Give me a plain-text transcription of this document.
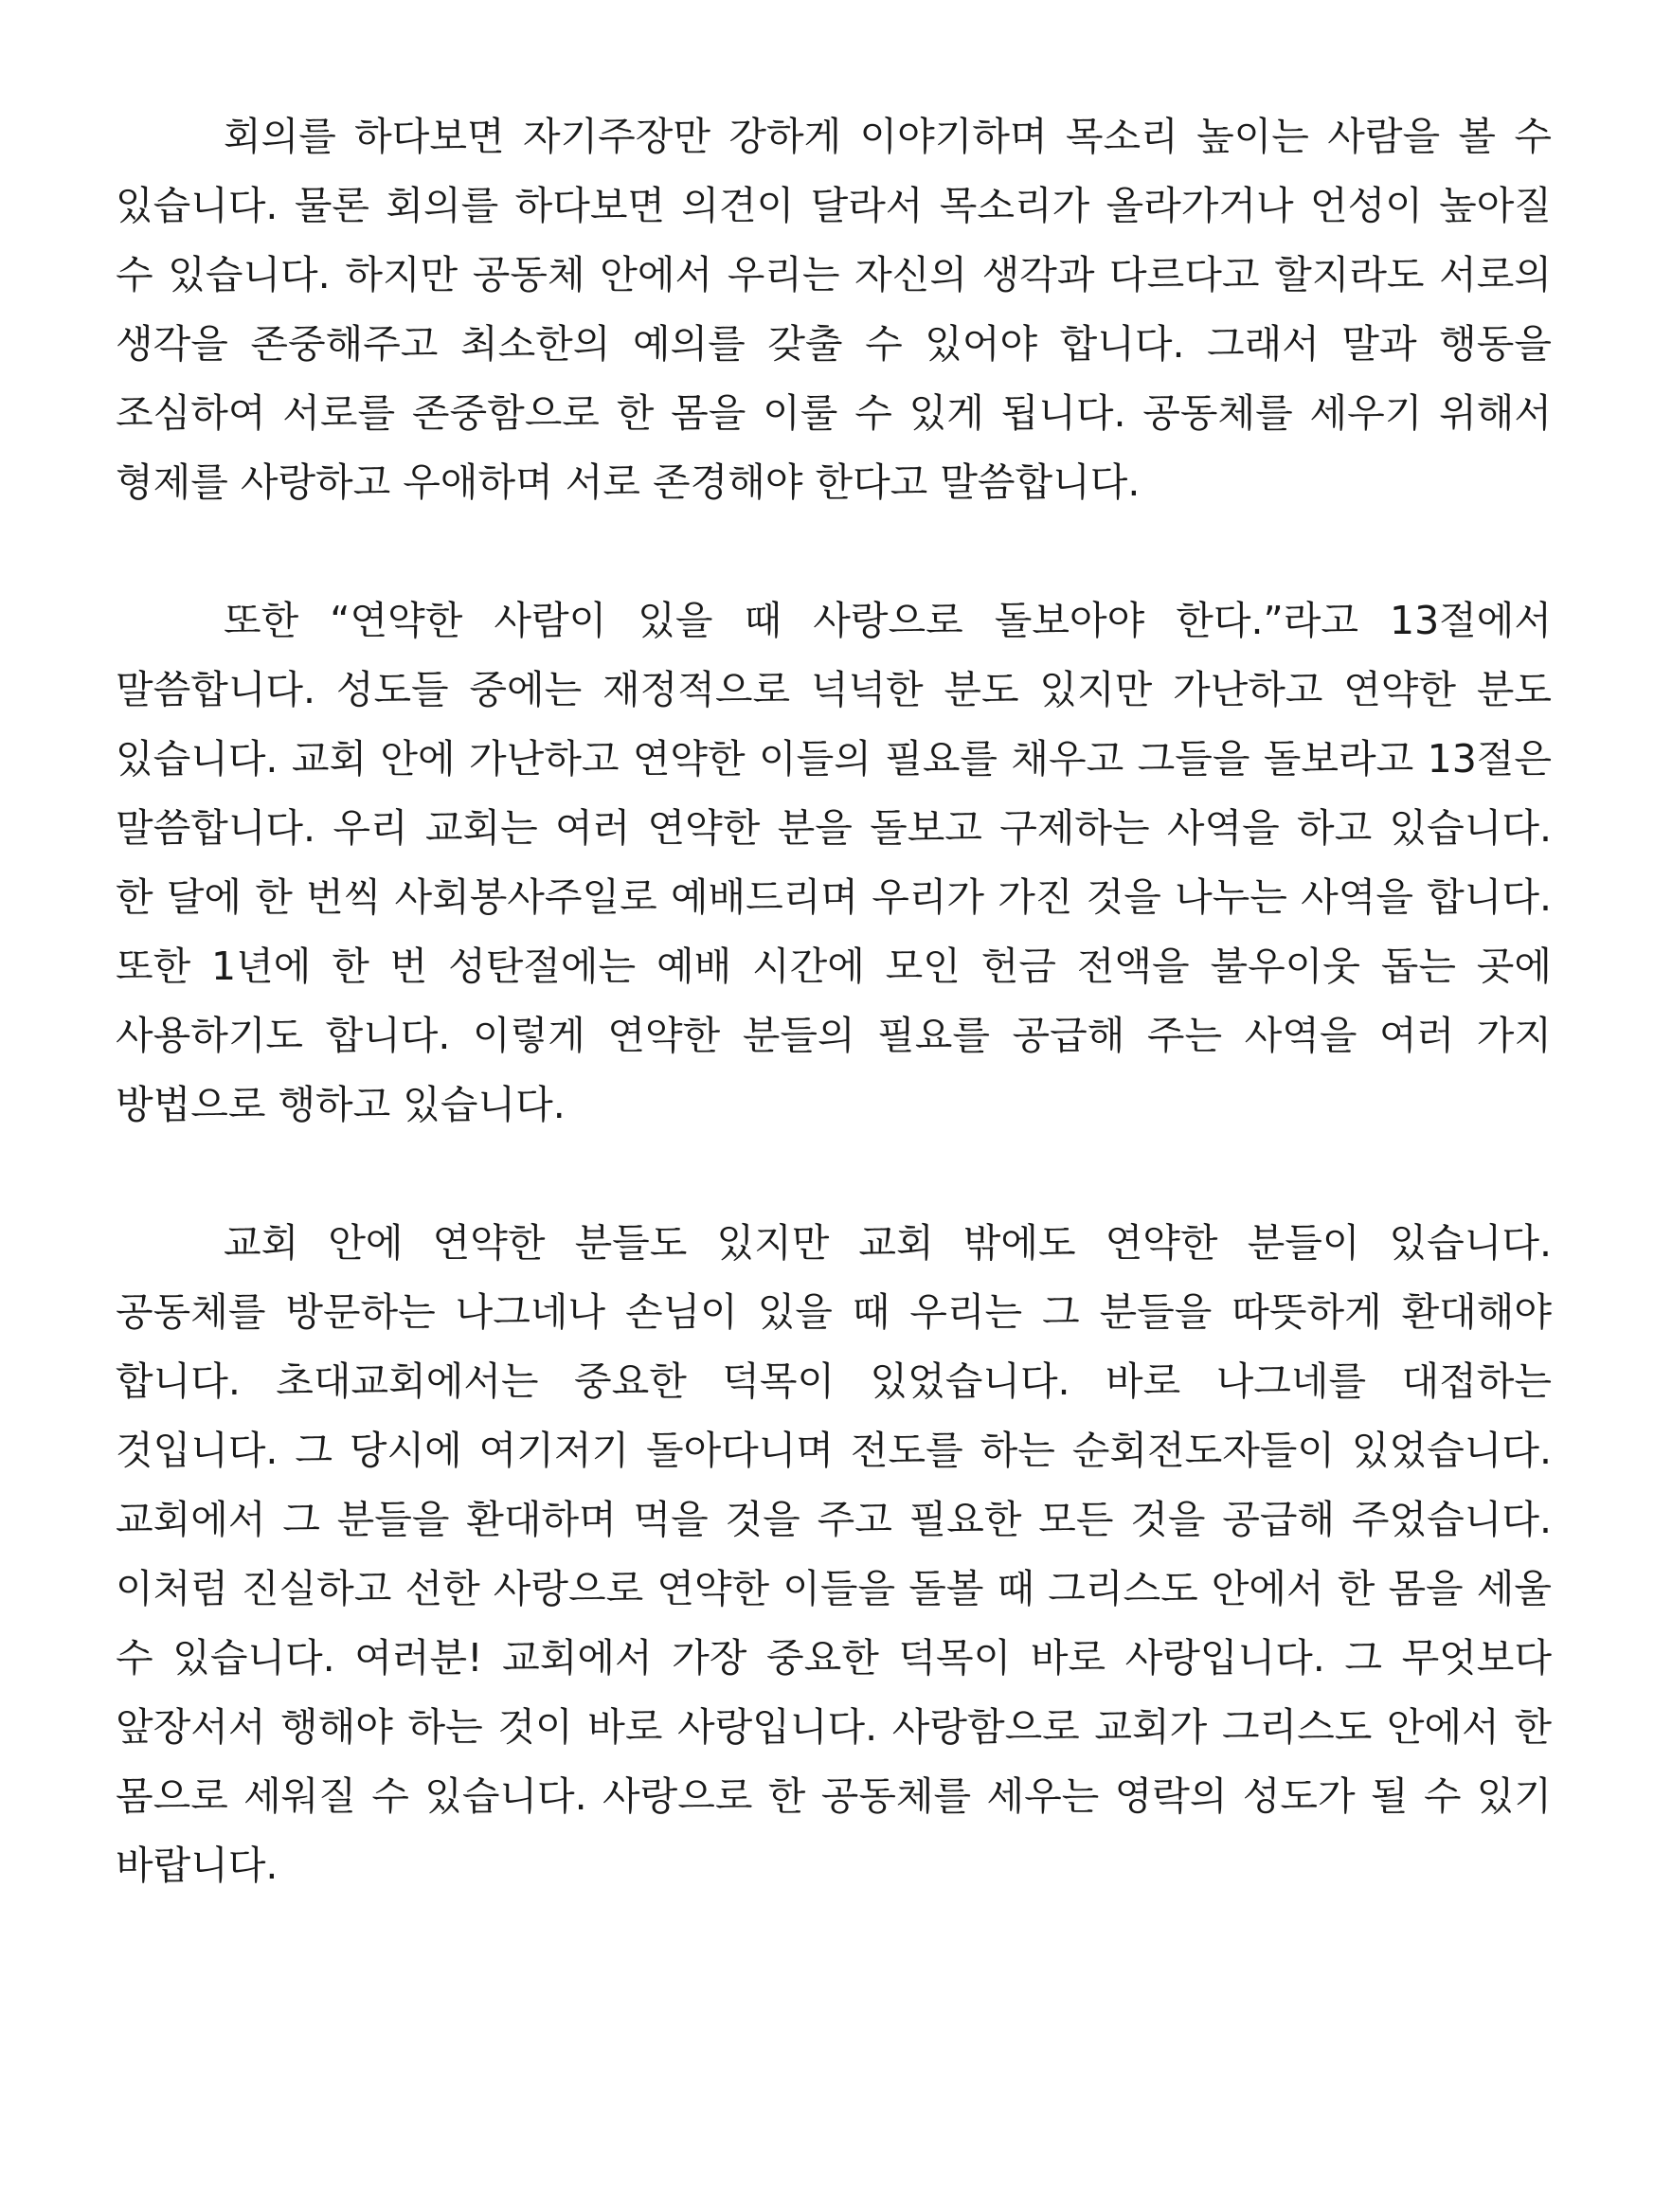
회의를 하다보면 자기주장만 강하게 이야기하며 목소리 높이는 사람을 볼 수 있습니다. 물론 회의를 하다보면 의견이 달라서 목소리가 올라가거나 언성이 높아질 수 있습니다. 하지만 공동체 안에서 우리는 자신의 생각과 다르다고 할지라도 서로의 생각을 존중해주고 최소한의 예의를 갖출 수 있어야 합니다. 그래서 말과 행동을 조심하여 서로를 존중함으로 한 몸을 이룰 수 있게 됩니다. 공동체를 세우기 위해서 형제를 사랑하고 우애하며 서로 존경해야 한다고 말씀합니다.

또한 “연약한 사람이 있을 때 사랑으로 돌보아야 한다.”라고 13절에서 말씀합니다. 성도들 중에는 재정적으로 넉넉한 분도 있지만 가난하고 연약한 분도 있습니다. 교회 안에 가난하고 연약한 이들의 필요를 채우고 그들을 돌보라고 13절은 말씀합니다. 우리 교회는 여러 연약한 분을 돌보고 구제하는 사역을 하고 있습니다. 한 달에 한 번씩 사회봉사주일로 예배드리며 우리가 가진 것을 나누는 사역을 합니다. 또한 1년에 한 번 성탄절에는 예배 시간에 모인 헌금 전액을 불우이웃 돕는 곳에 사용하기도 합니다. 이렇게 연약한 분들의 필요를 공급해 주는 사역을 여러 가지 방법으로 행하고 있습니다.

교회 안에 연약한 분들도 있지만 교회 밖에도 연약한 분들이 있습니다. 공동체를 방문하는 나그네나 손님이 있을 때 우리는 그 분들을 따뜻하게 환대해야 합니다. 초대교회에서는 중요한 덕목이 있었습니다. 바로 나그네를 대접하는 것입니다. 그 당시에 여기저기 돌아다니며 전도를 하는 순회전도자들이 있었습니다. 교회에서 그 분들을 환대하며 먹을 것을 주고 필요한 모든 것을 공급해 주었습니다. 이처럼 진실하고 선한 사랑으로 연약한 이들을 돌볼 때 그리스도 안에서 한 몸을 세울 수 있습니다. 여러분! 교회에서 가장 중요한 덕목이 바로 사랑입니다. 그 무엇보다 앞장서서 행해야 하는 것이 바로 사랑입니다. 사랑함으로 교회가 그리스도 안에서 한 몸으로 세워질 수 있습니다. 사랑으로 한 공동체를 세우는 영락의 성도가 될 수 있기 바랍니다.
